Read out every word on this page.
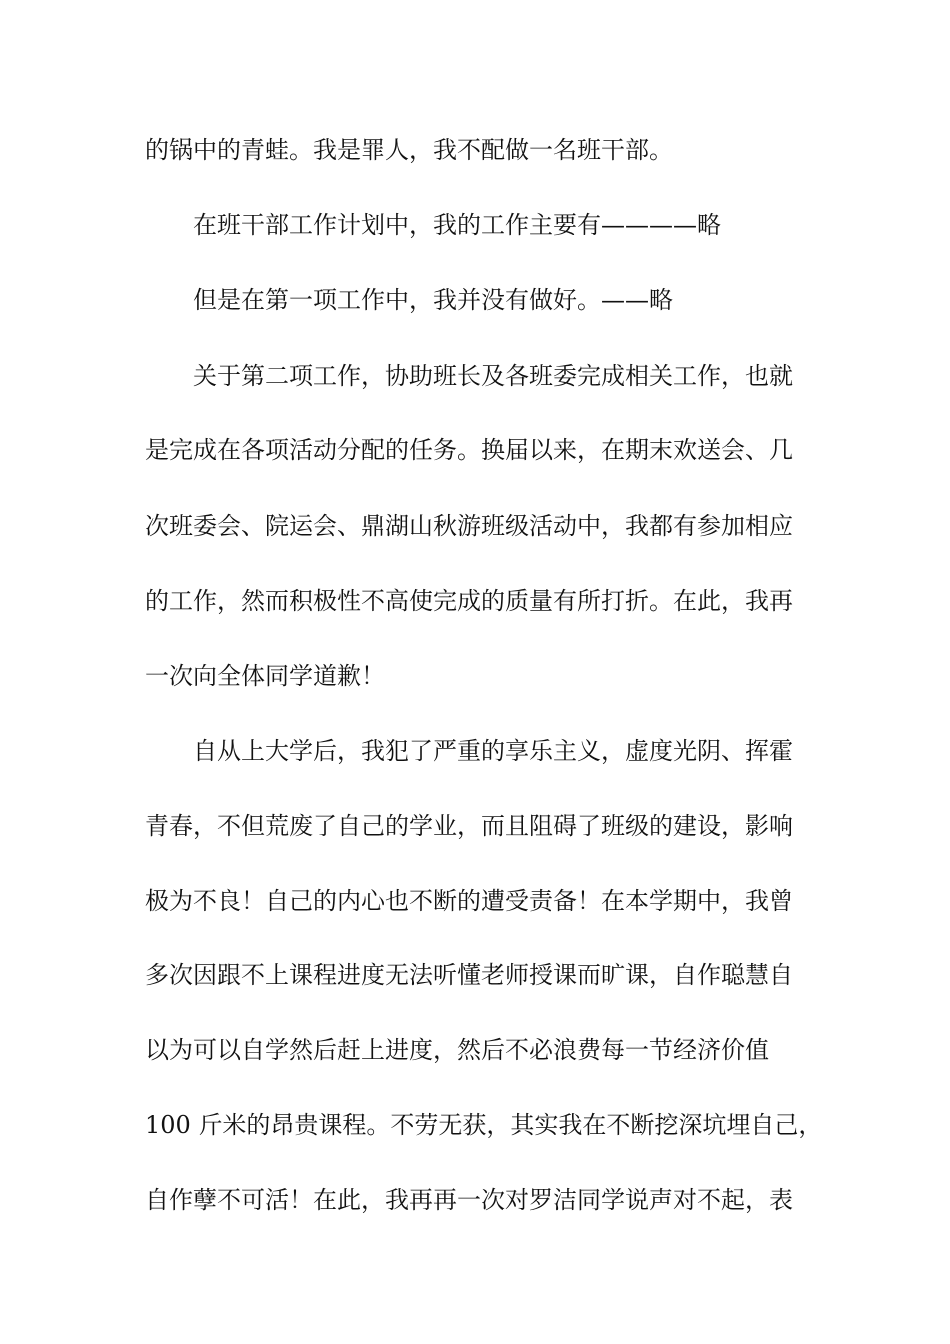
的锅中的青蛙。我是罪人，我不配做一名班干部。
在班干部工作计划中，我的工作主要有————略
但是在第一项工作中，我并没有做好。——略
关于第二项工作，协助班长及各班委完成相关工作，也就
是完成在各项活动分配的任务。换届以来，在期末欢送会、几
次班委会、院运会、鼎湖山秋游班级活动中，我都有参加相应
的工作，然而积极性不高使完成的质量有所打折。在此，我再
一次向全体同学道歉！
自从上大学后，我犯了严重的享乐主义，虚度光阴、挥霍
青春，不但荒废了自己的学业，而且阻碍了班级的建设，影响
极为不良！自己的内心也不断的遭受责备！在本学期中，我曾
多次因跟不上课程进度无法听懂老师授课而旷课，自作聪慧自
以为可以自学然后赶上进度，然后不必浪费每一节经济价值
100 斤米的昂贵课程。不劳无获，其实我在不断挖深坑埋自己，
自作孽不可活！在此，我再再一次对罗洁同学说声对不起，表
